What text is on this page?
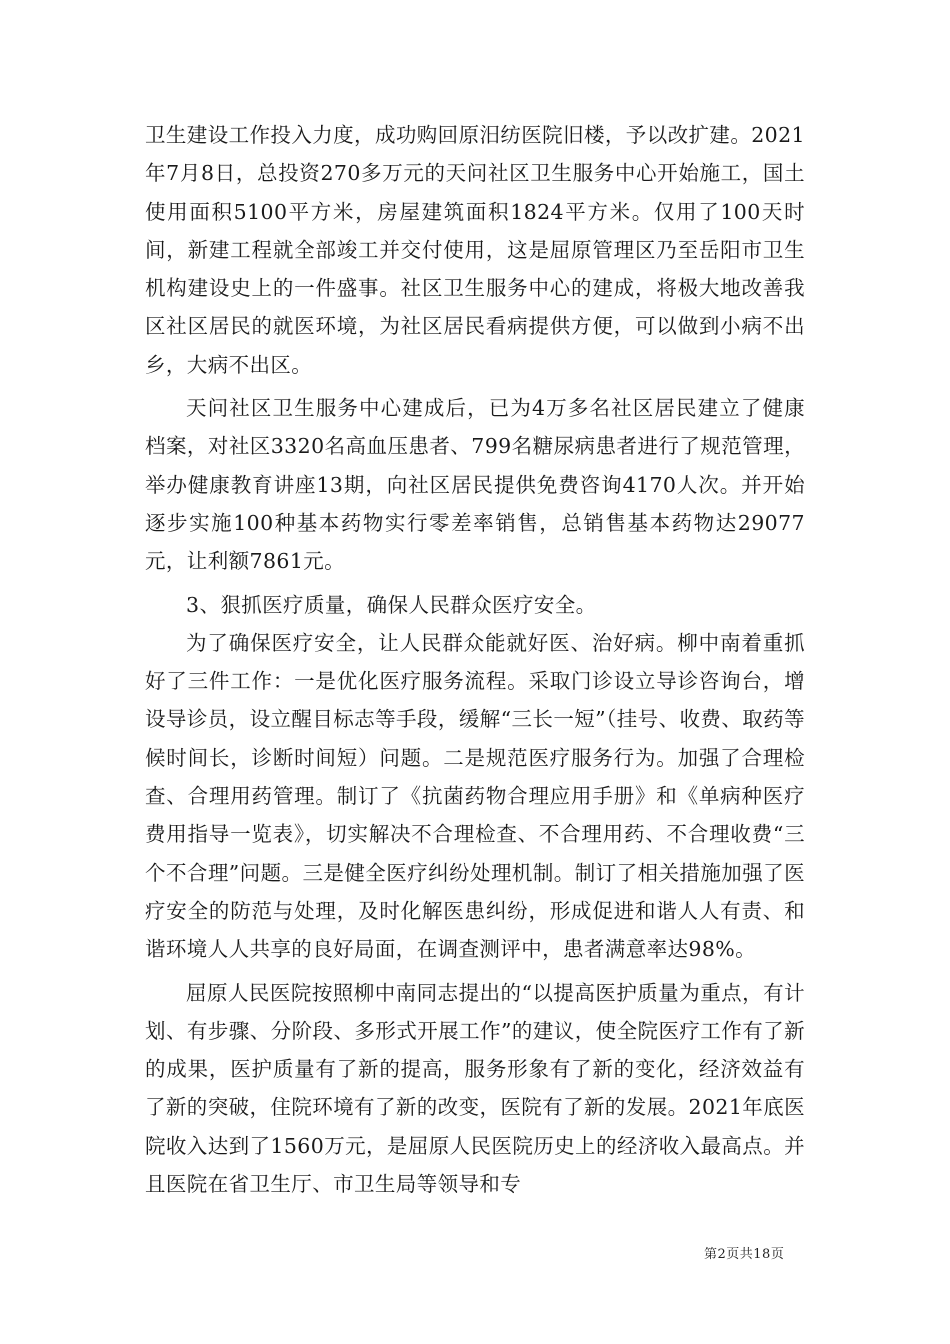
卫生建设工作投入力度，成功购回原汨纺医院旧楼，予以改扩建。2021年7月8日，总投资270多万元的天问社区卫生服务中心开始施工，国土使用面积5100平方米，房屋建筑面积1824平方米。仅用了100天时间，新建工程就全部竣工并交付使用，这是屈原管理区乃至岳阳市卫生机构建设史上的一件盛事。社区卫生服务中心的建成，将极大地改善我区社区居民的就医环境，为社区居民看病提供方便，可以做到小病不出乡，大病不出区。

天问社区卫生服务中心建成后，已为4万多名社区居民建立了健康档案，对社区3320名高血压患者、799名糖尿病患者进行了规范管理，举办健康教育讲座13期，向社区居民提供免费咨询4170人次。并开始逐步实施100种基本药物实行零差率销售，总销售基本药物达29077元，让利额7861元。

3、狠抓医疗质量，确保人民群众医疗安全。

为了确保医疗安全，让人民群众能就好医、治好病。柳中南着重抓好了三件工作：一是优化医疗服务流程。采取门诊设立导诊咨询台，增设导诊员，设立醒目标志等手段，缓解“三长一短”（挂号、收费、取药等候时间长，诊断时间短）问题。二是规范医疗服务行为。加强了合理检查、合理用药管理。制订了《抗菌药物合理应用手册》和《单病种医疗费用指导一览表》，切实解决不合理检查、不合理用药、不合理收费“三个不合理”问题。三是健全医疗纠纷处理机制。制订了相关措施加强了医疗安全的防范与处理，及时化解医患纠纷，形成促进和谐人人有责、和谐环境人人共享的良好局面，在调查测评中，患者满意率达98%。

屈原人民医院按照柳中南同志提出的“以提高医护质量为重点，有计划、有步骤、分阶段、多形式开展工作”的建议，使全院医疗工作有了新的成果，医护质量有了新的提高，服务形象有了新的变化，经济效益有了新的突破，住院环境有了新的改变，医院有了新的发展。2021年底医院收入达到了1560万元，是屈原人民医院历史上的经济收入最高点。并且医院在省卫生厅、市卫生局等领导和专

第2页共18页
